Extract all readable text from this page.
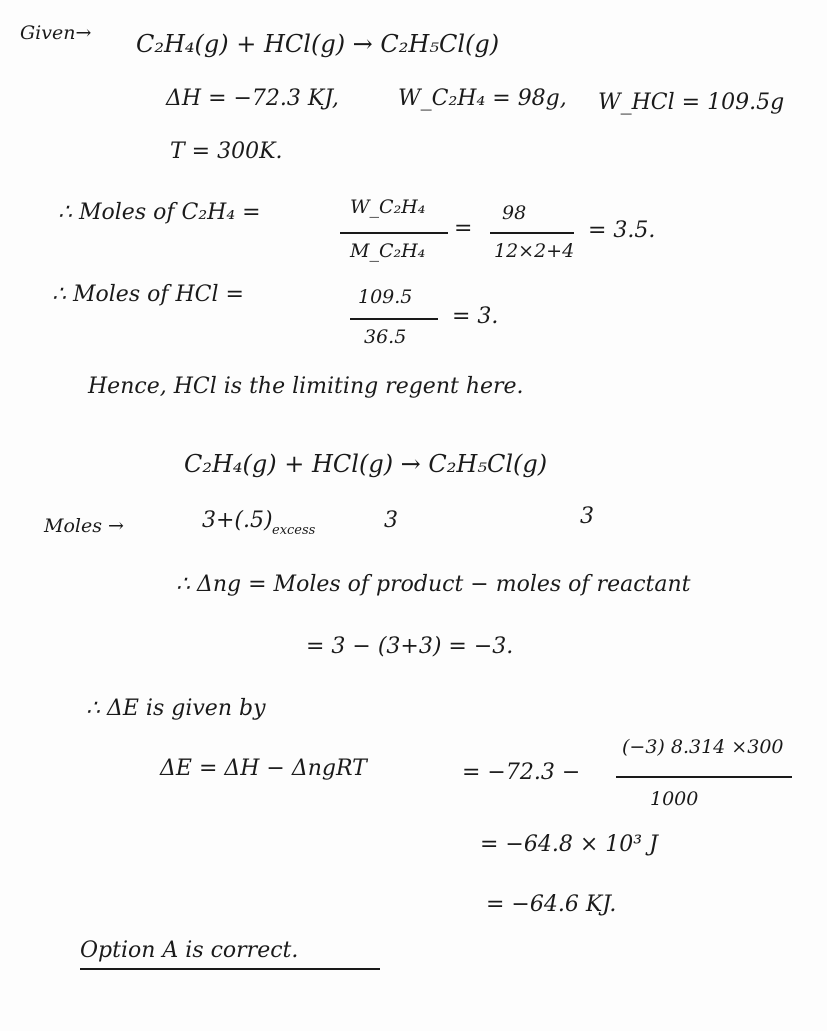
Given→ C₂H₄(g) + HCl(g) → C₂H₅Cl(g)
ΔH = −72.3 KJ,	W_C₂H₄ = 98g, W_HCl = 109.5g
T = 300K.
∴ Moles of C₂H₄ =	W_C₂H₄
M_C₂H₄
=
98
12×2+4
= 3.5.
∴ Moles of HCl =	109.5
36.5
= 3.
Hence, HCl is the limiting regent here.
C₂H₄(g) + HCl(g) → C₂H₅Cl(g)
Moles →	3+(.5) excess	3	3
∴ Δng = Moles of product − moles of reactant
= 3 − (3+3) = −3.
∴ ΔE is given by
ΔE = ΔH − ΔngRT	= −72.3 −
(−3) 8.314 ×300
1000
= −64.8 × 10³ J
= −64.6 KJ.
Option A is correct.
